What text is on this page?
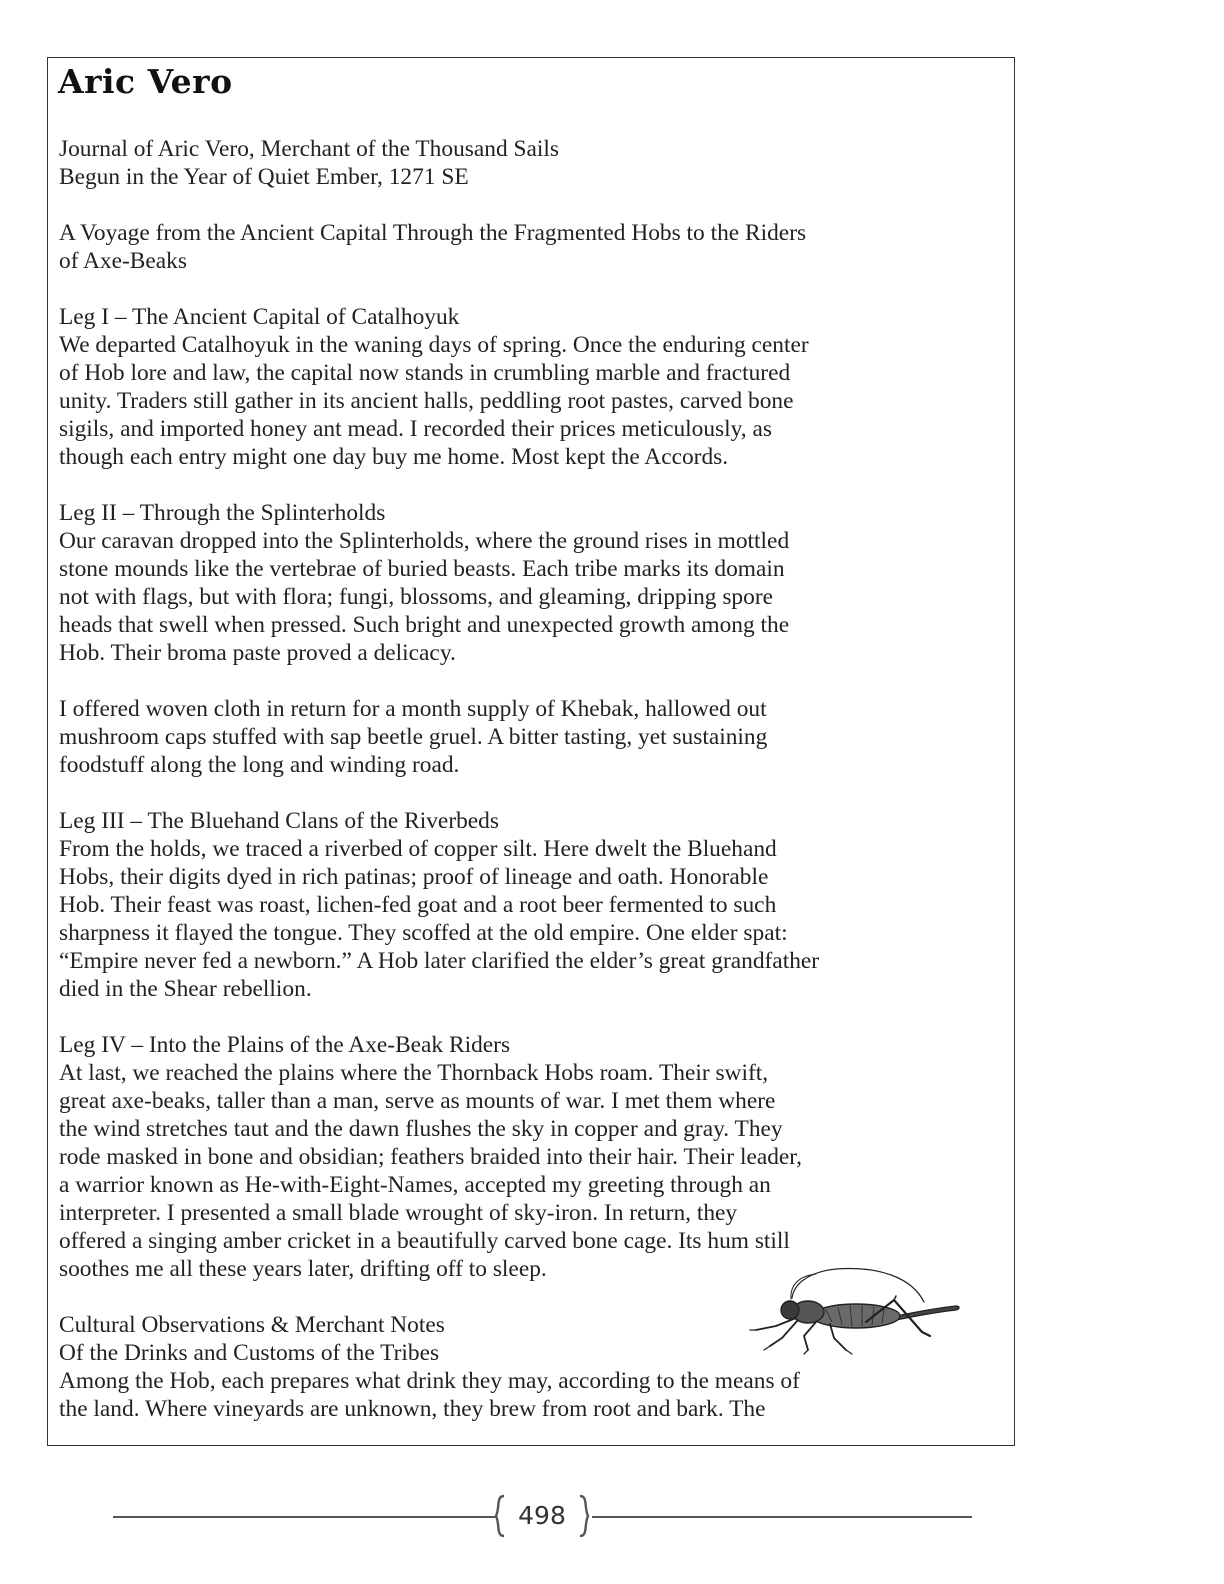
Aric Vero
Journal of Aric Vero, Merchant of the Thousand Sails
Begun in the Year of Quiet Ember, 1271 SE
A Voyage from the Ancient Capital Through the Fragmented Hobs to the Riders
of Axe-Beaks
Leg I – The Ancient Capital of Catalhoyuk
We departed Catalhoyuk in the waning days of spring. Once the enduring center
of Hob lore and law, the capital now stands in crumbling marble and fractured
unity. Traders still gather in its ancient halls, peddling root pastes, carved bone
sigils, and imported honey ant mead. I recorded their prices meticulously, as
though each entry might one day buy me home. Most kept the Accords.
Leg II – Through the Splinterholds
Our caravan dropped into the Splinterholds, where the ground rises in mottled
stone mounds like the vertebrae of buried beasts. Each tribe marks its domain
not with flags, but with flora; fungi, blossoms, and gleaming, dripping spore
heads that swell when pressed. Such bright and unexpected growth among the
Hob. Their broma paste proved a delicacy.
I offered woven cloth in return for a month supply of Khebak, hallowed out
mushroom caps stuffed with sap beetle gruel. A bitter tasting, yet sustaining
foodstuff along the long and winding road.
Leg III – The Bluehand Clans of the Riverbeds
From the holds, we traced a riverbed of copper silt. Here dwelt the Bluehand
Hobs, their digits dyed in rich patinas; proof of lineage and oath. Honorable
Hob. Their feast was roast, lichen-fed goat and a root beer fermented to such
sharpness it flayed the tongue. They scoffed at the old empire. One elder spat:
“Empire never fed a newborn.” A Hob later clarified the elder’s great grandfather
died in the Shear rebellion.
Leg IV – Into the Plains of the Axe-Beak Riders
At last, we reached the plains where the Thornback Hobs roam. Their swift,
great axe-beaks, taller than a man, serve as mounts of war. I met them where
the wind stretches taut and the dawn flushes the sky in copper and gray. They
rode masked in bone and obsidian; feathers braided into their hair. Their leader,
a warrior known as He-with-Eight-Names, accepted my greeting through an
interpreter. I presented a small blade wrought of sky-iron. In return, they
offered a singing amber cricket in a beautifully carved bone cage. Its hum still
soothes me all these years later, drifting off to sleep.
Cultural Observations & Merchant Notes
Of the Drinks and Customs of the Tribes
Among the Hob, each prepares what drink they may, according to the means of
the land. Where vineyards are unknown, they brew from root and bark. The
498
